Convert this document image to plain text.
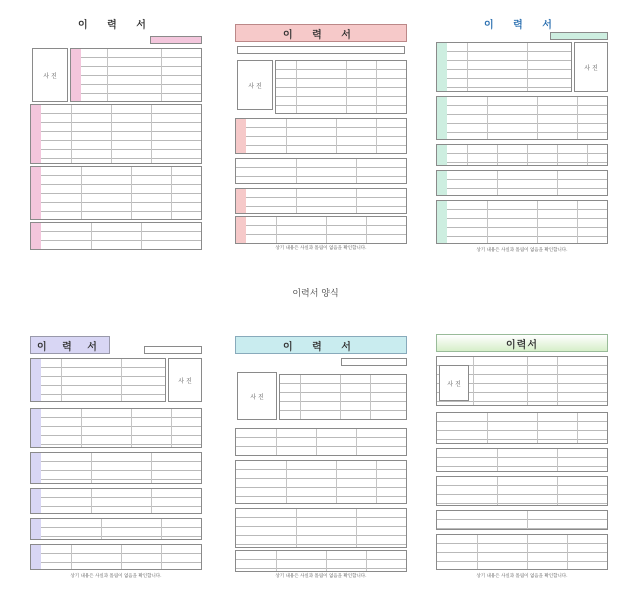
이 력 서
사 진
이 력 서
사 진
상기 내용은 사실과 틀림이 없음을 확인합니다.
이 력 서
사 진
상기 내용은 사실과 틀림이 없음을 확인합니다.
이력서 양식
이 력 서
사 진
상기 내용은 사실과 틀림이 없음을 확인합니다.
이 력 서
사 진
상기 내용은 사실과 틀림이 없음을 확인합니다.
이력서
사 진
상기 내용은 사실과 틀림이 없음을 확인합니다.
